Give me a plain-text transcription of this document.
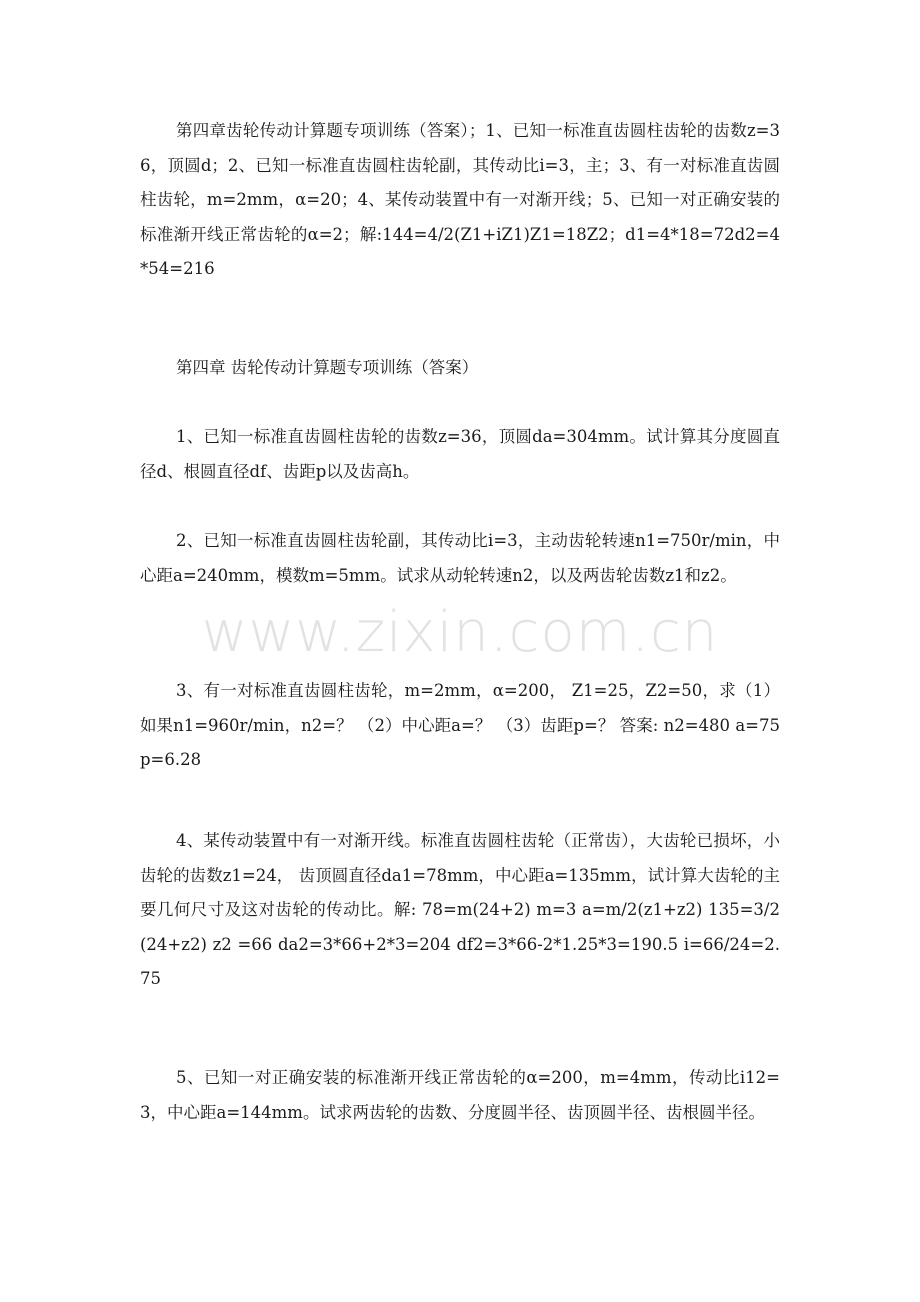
第四章齿轮传动计算题专项训练（答案）；1、已知一标准直齿圆柱齿轮的齿数z=36，顶圆d；2、已知一标准直齿圆柱齿轮副，其传动比i=3，主；3、有一对标准直齿圆柱齿轮，m=2mm，α=20；4、某传动装置中有一对渐开线；5、已知一对正确安装的标准渐开线正常齿轮的α=2；解:144=4/2(Z1+iZ1)Z1=18Z2；d1=4*18=72d2=4*54=216

第四章 齿轮传动计算题专项训练（答案）

1、已知一标准直齿圆柱齿轮的齿数z=36，顶圆da=304mm。试计算其分度圆直径d、根圆直径df、齿距p以及齿高h。

2、已知一标准直齿圆柱齿轮副，其传动比i=3，主动齿轮转速n1=750r/min，中心距a=240mm，模数m=5mm。试求从动轮转速n2，以及两齿轮齿数z1和z2。

3、有一对标准直齿圆柱齿轮，m=2mm，α=200， Z1=25，Z2=50，求（1）如果n1=960r/min，n2=？ （2）中心距a=？ （3）齿距p=？ 答案: n2=480 a=75 p=6.28

4、某传动装置中有一对渐开线。标准直齿圆柱齿轮（正常齿），大齿轮已损坏，小齿轮的齿数z1=24， 齿顶圆直径da1=78mm，中心距a=135mm，试计算大齿轮的主要几何尺寸及这对齿轮的传动比。解: 78=m(24+2) m=3 a=m/2(z1+z2) 135=3/2(24+z2) z2 =66 da2=3*66+2*3=204 df2=3*66-2*1.25*3=190.5 i=66/24=2.75

5、已知一对正确安装的标准渐开线正常齿轮的α=200，m=4mm，传动比i12=3，中心距a=144mm。试求两齿轮的齿数、分度圆半径、齿顶圆半径、齿根圆半径。

www.zixin.com.cn
